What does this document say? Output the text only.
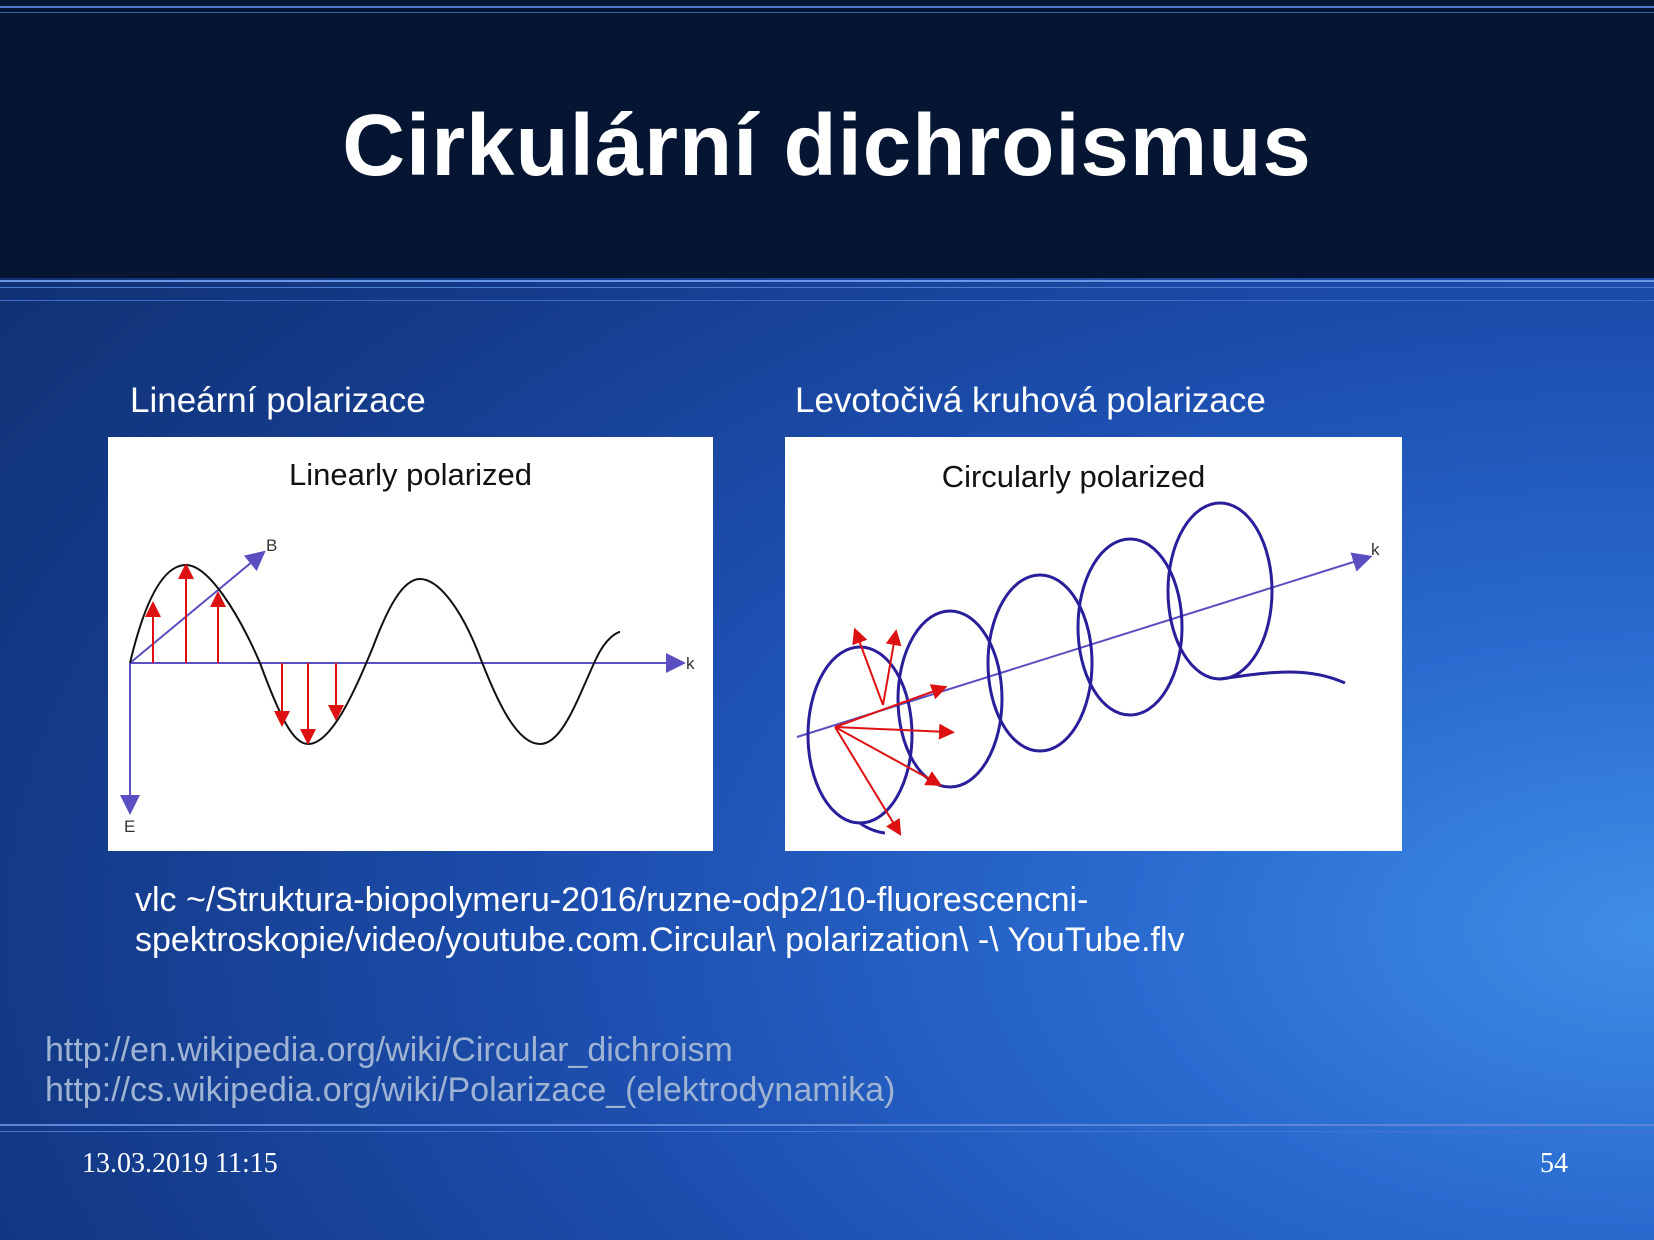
Cirkulární dichroismus
Lineární polarizace	Levotočivá kruhová polarizace
Linearly polarized
B
k
E
Circularly polarized
k
vlc ~/Struktura-biopolymeru-2016/ruzne-odp2/10-fluorescencni-
spektroskopie/video/youtube.com.Circular\ polarization\ -\ YouTube.flv
http://en.wikipedia.org/wiki/Circular_dichroism
http://cs.wikipedia.org/wiki/Polarizace_(elektrodynamika)
13.03.2019 11:15	54
